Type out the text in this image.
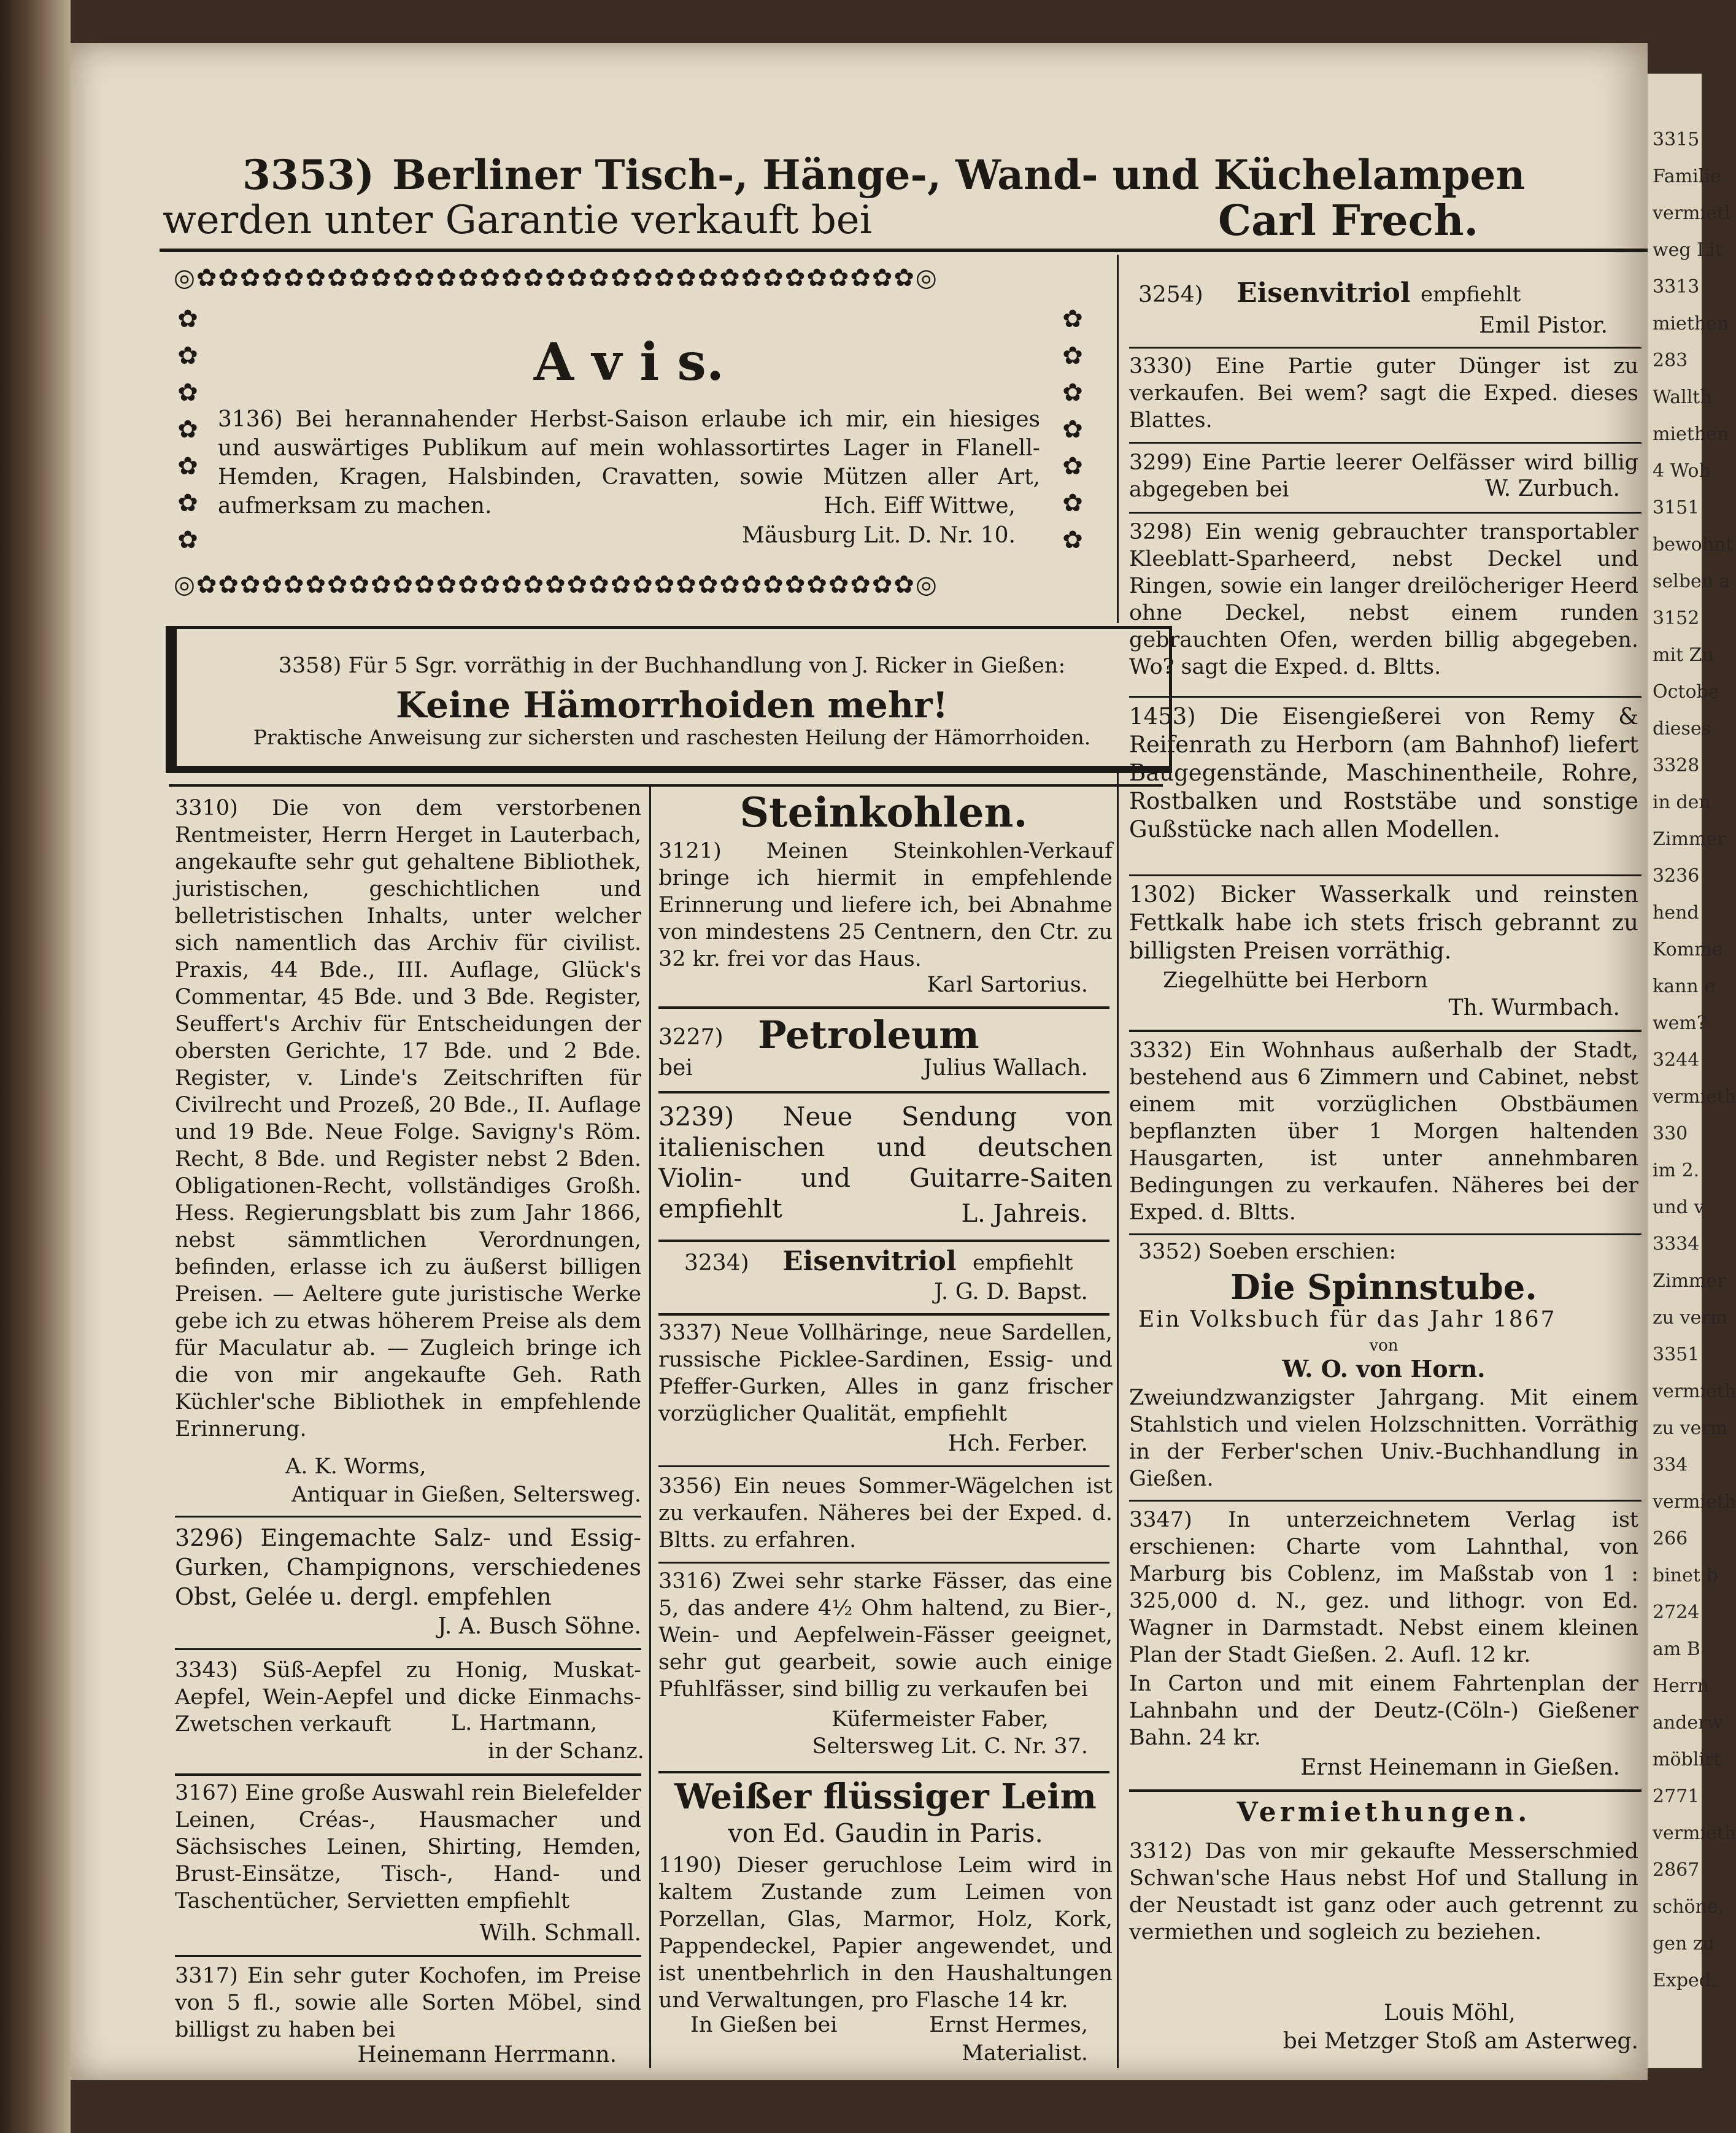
3353) Berliner Tisch-, Hänge-, Wand- und Küchelampen
werden unter Garantie verkauft bei	Carl Frech.
◎✿✿✿✿✿✿✿✿✿✿✿✿✿✿✿✿✿✿✿✿✿✿✿✿✿✿✿✿✿✿✿✿✿◎
✿
✿
✿
✿
✿
✿
✿
✿
✿
✿
✿
✿
✿
✿
◎✿✿✿✿✿✿✿✿✿✿✿✿✿✿✿✿✿✿✿✿✿✿✿✿✿✿✿✿✿✿✿✿✿◎
A v i s.

3136) Bei herannahender Herbst-Saison erlaube ich mir, ein hiesiges und auswärtiges Publikum auf mein wohlassortirtes Lager in Flanell-Hemden, Kragen, Halsbinden, Cravatten, sowie Mützen aller Art, aufmerksam zu machen.	Hch. Eiff Wittwe,
Mäusburg Lit. D. Nr. 10.
3358) Für 5 Sgr. vorräthig in der Buchhandlung von J. Ricker in Gießen:
Keine Hämorrhoiden mehr!
Praktische Anweisung zur sichersten und raschesten Heilung der Hämorrhoiden.

3310) Die von dem verstorbenen Rentmeister, Herrn Herget in Lauterbach, angekaufte sehr gut gehaltene Bibliothek, juristischen, geschichtlichen und belletristischen Inhalts, unter welcher sich namentlich das Archiv für civilist. Praxis, 44 Bde., III. Auflage, Glück's Commentar, 45 Bde. und 3 Bde. Register, Seuffert's Archiv für Entscheidungen der obersten Gerichte, 17 Bde. und 2 Bde. Register, v. Linde's Zeitschriften für Civilrecht und Prozeß, 20 Bde., II. Auflage und 19 Bde. Neue Folge. Savigny's Röm. Recht, 8 Bde. und Register nebst 2 Bden. Obligationen-Recht, vollständiges Großh. Hess. Regierungsblatt bis zum Jahr 1866, nebst sämmtlichen Verordnungen, befinden, erlasse ich zu äußerst billigen Preisen. — Aeltere gute juristische Werke gebe ich zu etwas höherem Preise als dem für Maculatur ab. — Zugleich bringe ich die von mir angekaufte Geh. Rath Küchler'sche Bibliothek in empfehlende Erinnerung.

A. K. Worms,
Antiquar in Gießen, Seltersweg.

3296) Eingemachte Salz- und Essig-Gurken, Champignons, verschiedenes Obst, Gelée u. dergl. empfehlen

J. A. Busch Söhne.

3343) Süß-Aepfel zu Honig, Muskat-Aepfel, Wein-Aepfel und dicke Einmachs-Zwetschen verkauft	L. Hartmann,
in der Schanz.

3167) Eine große Auswahl rein Bielefelder Leinen, Créas-, Hausmacher und Sächsisches Leinen, Shirting, Hemden, Brust-Einsätze, Tisch-, Hand- und Taschentücher, Servietten empfiehlt

Wilh. Schmall.

3317) Ein sehr guter Kochofen, im Preise von 5 fl., sowie alle Sorten Möbel, sind billigst zu haben bei

Heinemann Herrmann.
Steinkohlen.

3121) Meinen Steinkohlen-Verkauf bringe ich hiermit in empfehlende Erinnerung und liefere ich, bei Abnahme von mindestens 25 Centnern, den Ctr. zu 32 kr. frei vor das Haus.

Karl Sartorius.
3227) Petroleum
bei	Julius Wallach.

3239) Neue Sendung von italienischen und deutschen Violin- und Guitarre-Saiten empfiehlt	L. Jahreis.
3234) Eisenvitriol empfiehlt
J. G. D. Bapst.

3337) Neue Vollhäringe, neue Sardellen, russische Picklee-Sardinen, Essig- und Pfeffer-Gurken, Alles in ganz frischer vorzüglicher Qualität, empfiehlt

Hch. Ferber.

3356) Ein neues Sommer-Wägelchen ist zu verkaufen. Näheres bei der Exped. d. Bltts. zu erfahren.

3316) Zwei sehr starke Fässer, das eine 5, das andere 4½ Ohm haltend, zu Bier-, Wein- und Aepfelwein-Fässer geeignet, sehr gut gearbeit, sowie auch einige Pfuhlfässer, sind billig zu verkaufen bei

Küfermeister Faber,
Seltersweg Lit. C. Nr. 37.
Weißer flüssiger Leim
von Ed. Gaudin in Paris.

1190) Dieser geruchlose Leim wird in kaltem Zustande zum Leimen von Porzellan, Glas, Marmor, Holz, Kork, Pappendeckel, Papier angewendet, und ist unentbehrlich in den Haushaltungen und Verwaltungen, pro Flasche 14 kr.

In Gießen bei	Ernst Hermes,
Materialist.
3254) Eisenvitriol empfiehlt
Emil Pistor.

3330) Eine Partie guter Dünger ist zu verkaufen. Bei wem? sagt die Exped. dieses Blattes.

3299) Eine Partie leerer Oelfässer wird billig abgegeben bei	W. Zurbuch.

3298) Ein wenig gebrauchter transportabler Kleeblatt-Sparheerd, nebst Deckel und Ringen, sowie ein langer dreilöcheriger Heerd ohne Deckel, nebst einem runden gebrauchten Ofen, werden billig abgegeben. Wo? sagt die Exped. d. Bltts.

1453) Die Eisengießerei von Remy & Reifenrath zu Herborn (am Bahnhof) liefert Baugegenstände, Maschinentheile, Rohre, Rostbalken und Roststäbe und sonstige Gußstücke nach allen Modellen.

1302) Bicker Wasserkalk und reinsten Fettkalk habe ich stets frisch gebrannt zu billigsten Preisen vorräthig.

Ziegelhütte bei Herborn
Th. Wurmbach.

3332) Ein Wohnhaus außerhalb der Stadt, bestehend aus 6 Zimmern und Cabinet, nebst einem mit vorzüglichen Obstbäumen bepflanzten über 1 Morgen haltenden Hausgarten, ist unter annehmbaren Bedingungen zu verkaufen. Näheres bei der Exped. d. Bltts.

3352) Soeben erschien:
Die Spinnstube.
Ein Volksbuch für das Jahr 1867
von
W. O. von Horn.

Zweiundzwanzigster Jahrgang. Mit einem Stahlstich und vielen Holzschnitten. Vorräthig in der Ferber'schen Univ.-Buchhandlung in Gießen.

3347) In unterzeichnetem Verlag ist erschienen: Charte vom Lahnthal, von Marburg bis Coblenz, im Maßstab von 1 : 325,000 d. N., gez. und lithogr. von Ed. Wagner in Darmstadt. Nebst einem kleinen Plan der Stadt Gießen. 2. Aufl. 12 kr.

In Carton und mit einem Fahrtenplan der Lahnbahn und der Deutz-(Cöln-) Gießener Bahn. 24 kr.

Ernst Heinemann in Gießen.
Vermiethungen.

3312) Das von mir gekaufte Messerschmied Schwan'sche Haus nebst Hof und Stallung in der Neustadt ist ganz oder auch getrennt zu vermiethen und sogleich zu beziehen.

Louis Möhl,
bei Metzger Stoß am Asterweg.
3315
Familie
vermietl
weg Lit
3313
miethen
283
Wallth
miethen
4 Woh
3151
bewohnt
selben a
3152
mit Zu
Octobe
dieses
3328
in den
Zimmer
3236
hend
Komme
kann e
wem?
3244
vermieth
330
im 2.
und v
3334
Zimmer
zu verm
3351
vermieth
zu verm
334
vermieth
266
binet b
2724
am B
Herrn
anderw
möblirt
2771
vermieth
2867
schöne,
gen zu
Exped.
